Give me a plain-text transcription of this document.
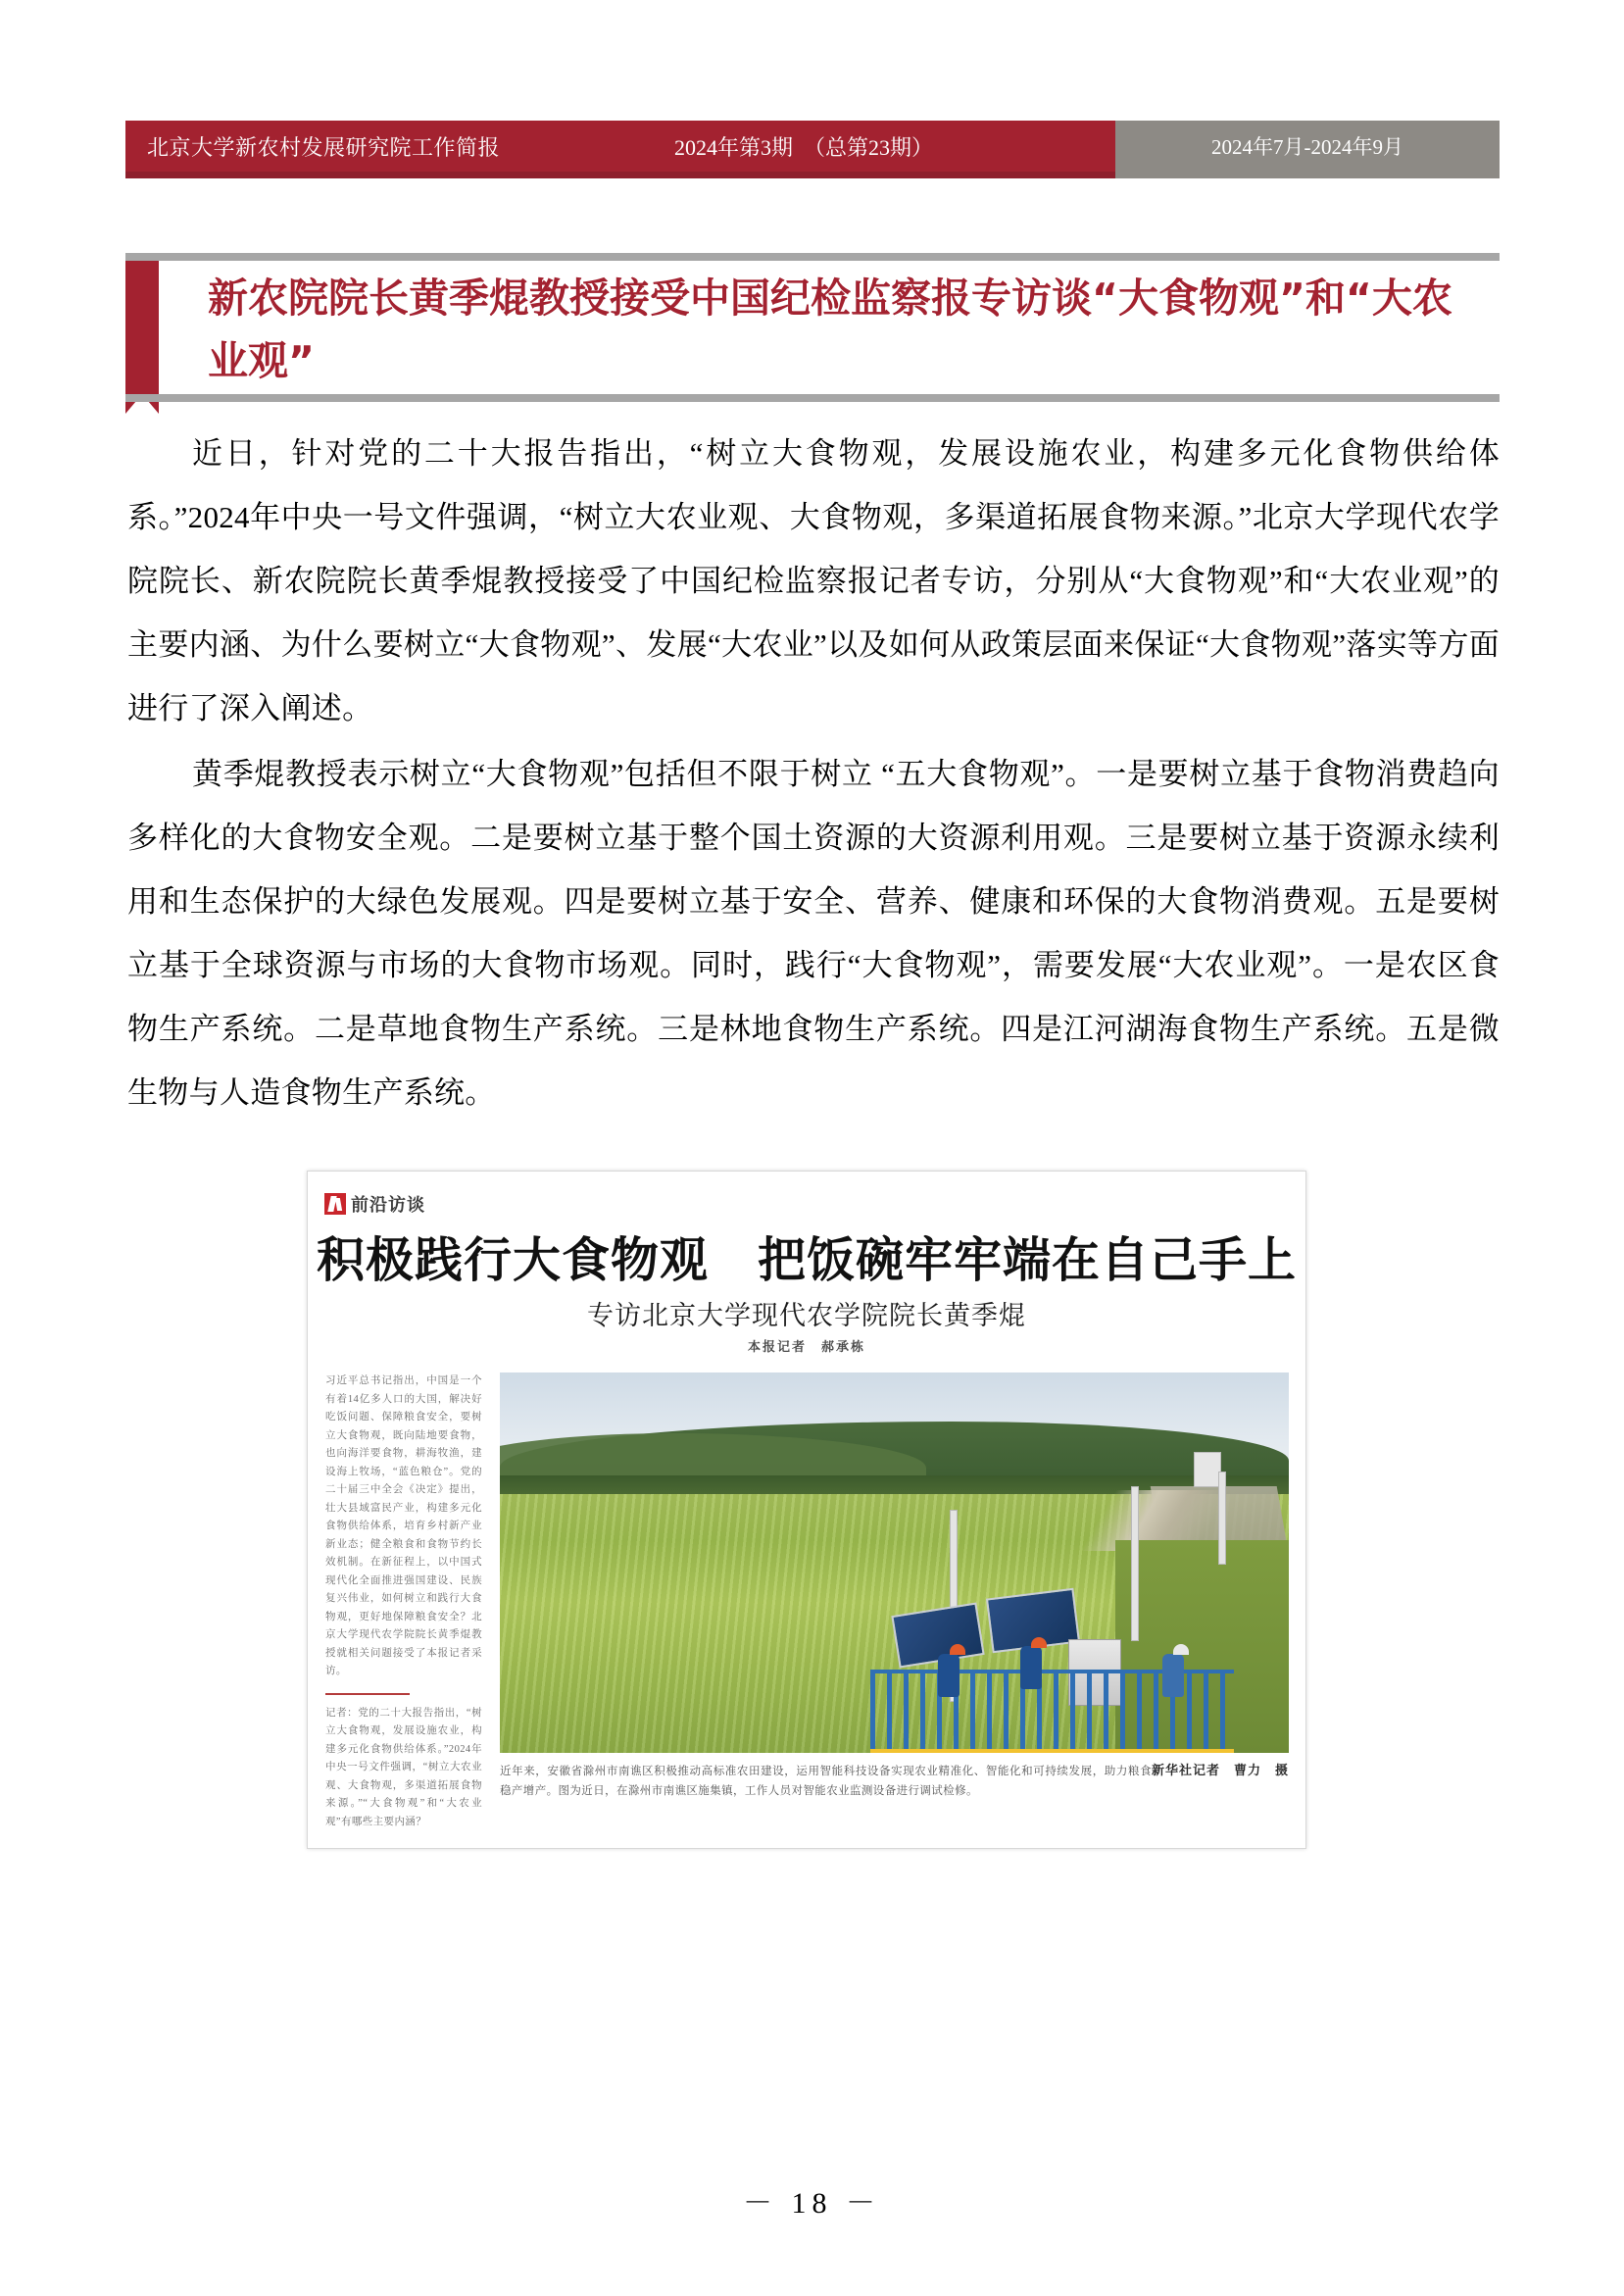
北京大学新农村发展研究院工作简报	2024年第3期　（总第23期）	2024年7月-2024年9月
新农院院长黄季焜教授接受中国纪检监察报专访谈“大食物观”和“大农业观”

近日，针对党的二十大报告指出，“树立大食物观，发展设施农业，构建多元化食物供给体系。”2024年中央一号文件强调，“树立大农业观、大食物观，多渠道拓展食物来源。”北京大学现代农学院院长、新农院院长黄季焜教授接受了中国纪检监察报记者专访，分别从“大食物观”和“大农业观”的主要内涵、为什么要树立“大食物观”、发展“大农业”以及如何从政策层面来保证“大食物观”落实等方面进行了深入阐述。

黄季焜教授表示树立“大食物观”包括但不限于树立 “五大食物观”。一是要树立基于食物消费趋向多样化的大食物安全观。二是要树立基于整个国土资源的大资源利用观。三是要树立基于资源永续利用和生态保护的大绿色发展观。四是要树立基于安全、营养、健康和环保的大食物消费观。五是要树立基于全球资源与市场的大食物市场观。同时，践行“大食物观”，需要发展“大农业观”。一是农区食物生产系统。二是草地食物生产系统。三是林地食物生产系统。四是江河湖海食物生产系统。五是微生物与人造食物生产系统。

前沿访谈
积极践行大食物观　把饭碗牢牢端在自己手上
专访北京大学现代农学院院长黄季焜
本报记者　郝承栋
习近平总书记指出，中国是一个有着14亿多人口的大国，解决好吃饭问题、保障粮食安全，要树立大食物观，既向陆地要食物，也向海洋要食物，耕海牧渔，建设海上牧场，“蓝色粮仓”。党的二十届三中全会《决定》提出，壮大县域富民产业，构建多元化食物供给体系，培育乡村新产业新业态；健全粮食和食物节约长效机制。在新征程上，以中国式现代化全面推进强国建设、民族复兴伟业，如何树立和践行大食物观，更好地保障粮食安全？北京大学现代农学院院长黄季焜教授就相关问题接受了本报记者采访。
记者：党的二十大报告指出，“树立大食物观，发展设施农业，构建多元化食物供给体系。”2024年中央一号文件强调，“树立大农业观、大食物观，多渠道拓展食物来源。”“大食物观”和“大农业观”有哪些主要内涵？
新华社记者　曹力　摄
近年来，安徽省滁州市南谯区积极推动高标准农田建设，运用智能科技设备实现农业精准化、智能化和可持续发展，助力粮食稳产增产。图为近日，在滁州市南谯区施集镇，工作人员对智能农业监测设备进行调试检修。
－ 18 －
